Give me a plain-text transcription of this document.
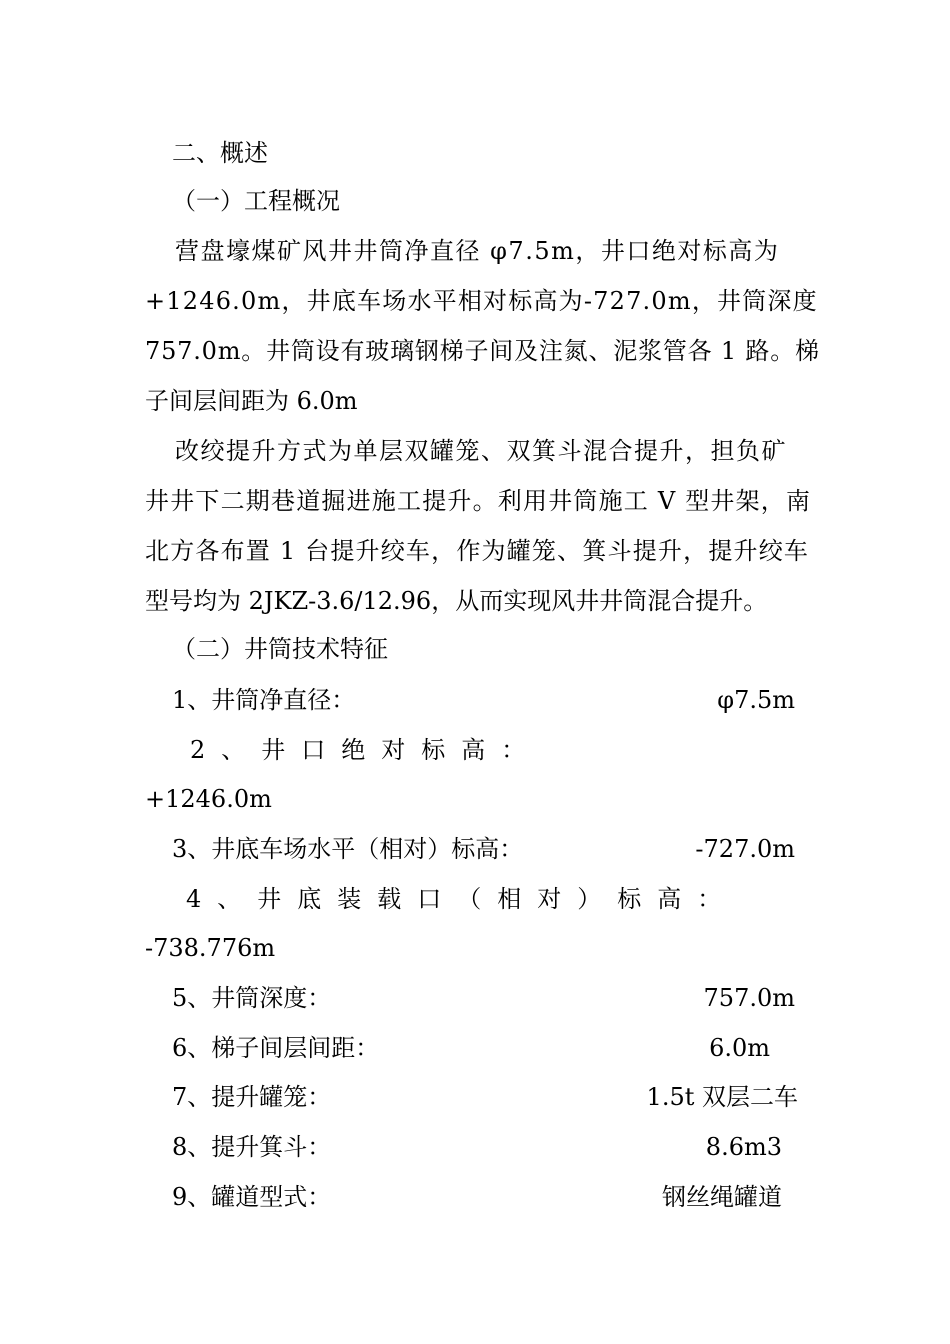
二、概述
（一）工程概况
营盘壕煤矿风井井筒净直径 φ7.5m，井口绝对标高为
+1246.0m，井底车场水平相对标高为-727.0m，井筒深度
757.0m。井筒设有玻璃钢梯子间及注氮、泥浆管各 1 路。梯
子间层间距为 6.0m
改绞提升方式为单层双罐笼、双箕斗混合提升，担负矿
井井下二期巷道掘进施工提升。利用井筒施工 V 型井架，南
北方各布置 1 台提升绞车，作为罐笼、箕斗提升，提升绞车
型号均为 2JKZ-3.6/12.96，从而实现风井井筒混合提升。
（二）井筒技术特征
1、井筒净直径：	φ7.5m
2、井口绝对标高：
+1246.0m
3、井底车场水平（相对）标高：	-727.0m
4、井底装载口（相对）标高：
-738.776m
5、井筒深度：	757.0m
6、梯子间层间距：	6.0m
7、提升罐笼：	1.5t 双层二车
8、提升箕斗：	8.6m3
9、罐道型式：	钢丝绳罐道
